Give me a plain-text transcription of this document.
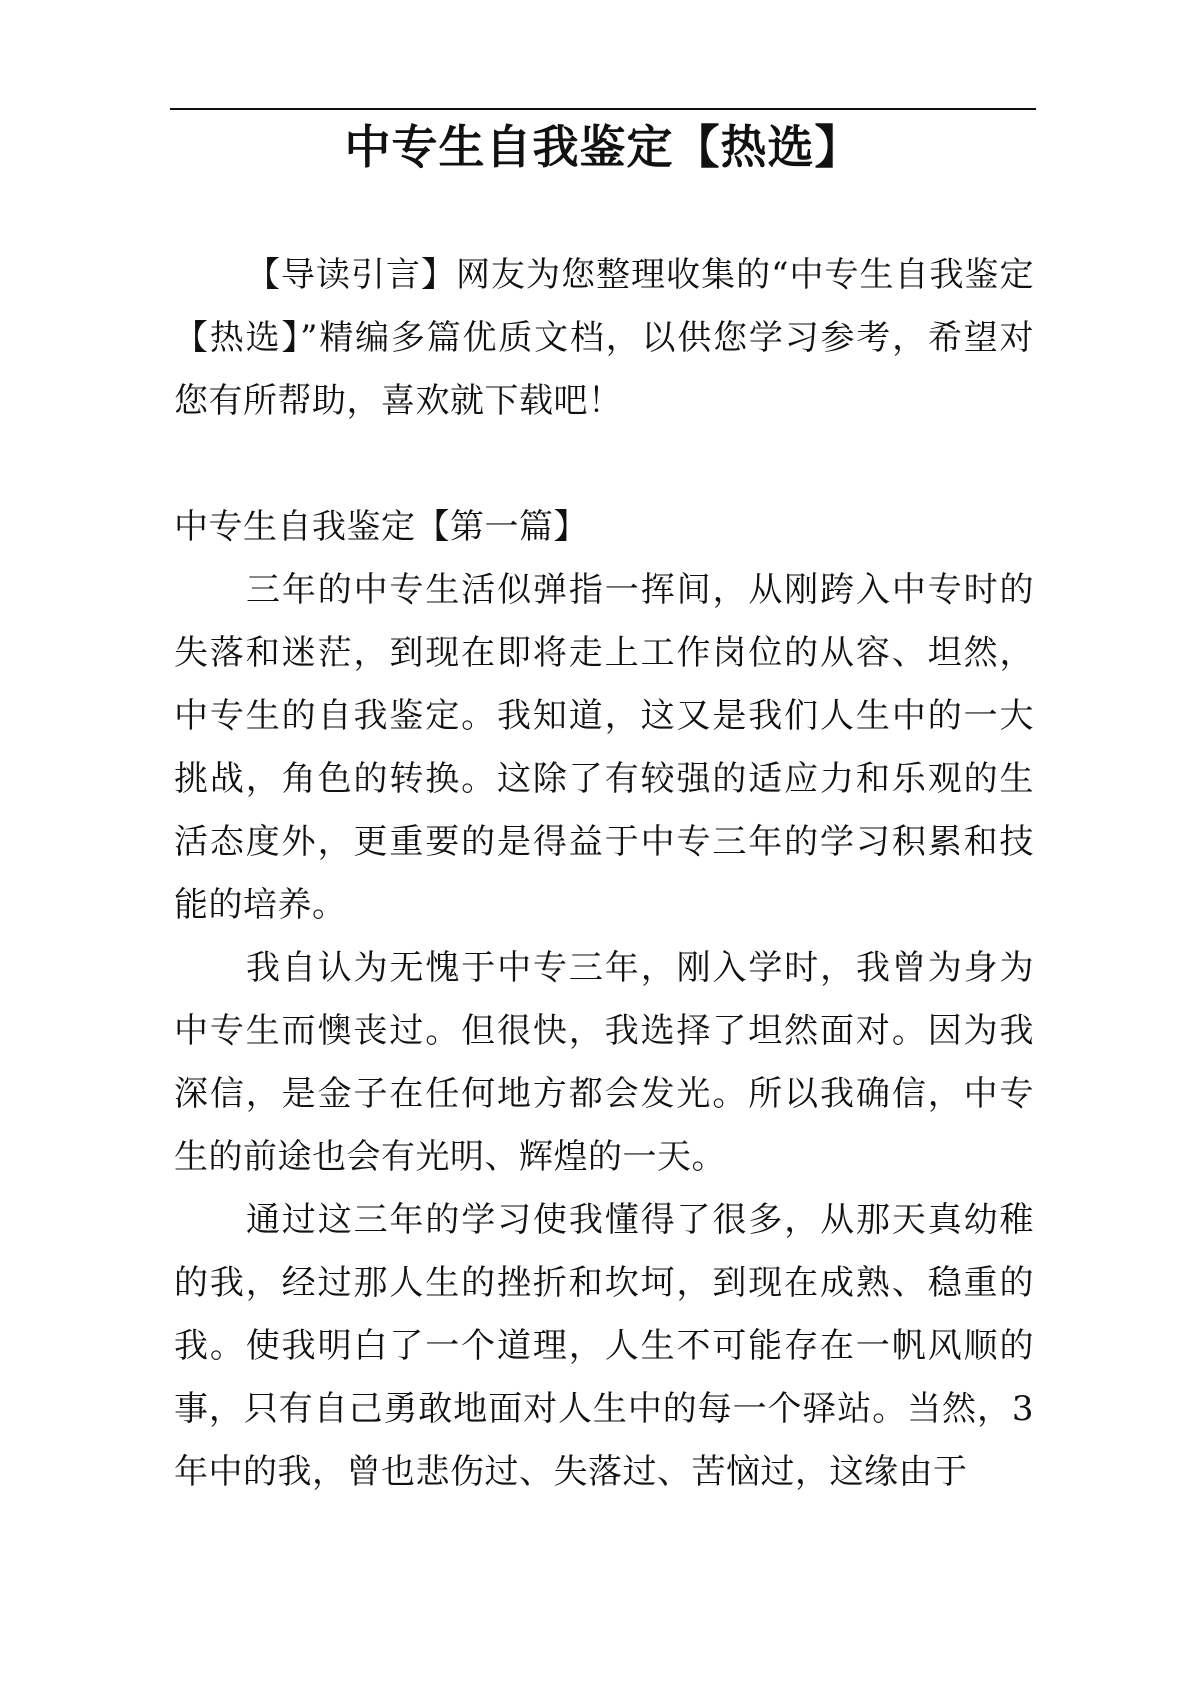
中专生自我鉴定【热选】

【导读引言】网友为您整理收集的“中专生自我鉴定【热选】”精编多篇优质文档，以供您学习参考，希望对您有所帮助，喜欢就下载吧！

中专生自我鉴定【第一篇】

三年的中专生活似弹指一挥间，从刚跨入中专时的失落和迷茫，到现在即将走上工作岗位的从容、坦然，中专生的自我鉴定。我知道，这又是我们人生中的一大挑战，角色的转换。这除了有较强的适应力和乐观的生活态度外，更重要的是得益于中专三年的学习积累和技能的培养。

我自认为无愧于中专三年，刚入学时，我曾为身为中专生而懊丧过。但很快，我选择了坦然面对。因为我深信，是金子在任何地方都会发光。所以我确信，中专生的前途也会有光明、辉煌的一天。

通过这三年的学习使我懂得了很多，从那天真幼稚的我，经过那人生的挫折和坎坷，到现在成熟、稳重的我。使我明白了一个道理，人生不可能存在一帆风顺的事，只有自己勇敢地面对人生中的每一个驿站。当然，3年中的我，曾也悲伤过、失落过、苦恼过，这缘由于
